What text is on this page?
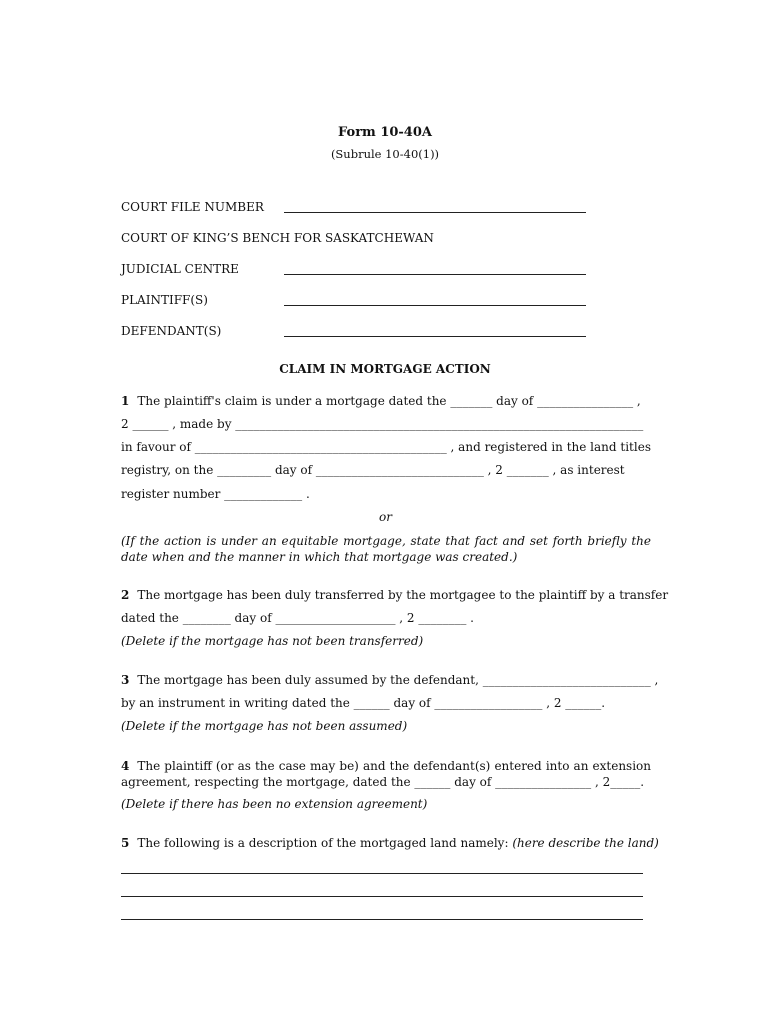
Form 10-40A
(Subrule 10-40(1))
COURT FILE NUMBER
COURT OF KING’S BENCH FOR SASKATCHEWAN
JUDICIAL CENTRE
PLAINTIFF(S)
DEFENDANT(S)
CLAIM IN MORTGAGE ACTION
1 The plaintiff's claim is under a mortgage dated the _______ day of ________________ ,
2 ______ , made by ____________________________________________________________________
in favour of __________________________________________ , and registered in the land titles
registry, on the _________ day of ____________________________ , 2 _______ , as interest
register number _____________ .
or
(If the action is under an equitable mortgage, state that fact and set forth briefly the date when and the manner in which that mortgage was created.)
2 The mortgage has been duly transferred by the mortgagee to the plaintiff by a transfer
dated the ________ day of ____________________ , 2 ________ .
(Delete if the mortgage has not been transferred)
3 The mortgage has been duly assumed by the defendant, ____________________________ ,
by an instrument in writing dated the ______ day of __________________ , 2 ______.
(Delete if the mortgage has not been assumed)
4 The plaintiff (or as the case may be) and the defendant(s) entered into an extension agreement, respecting the mortgage, dated the ______ day of ________________ , 2_____.
(Delete if there has been no extension agreement)
5 The following is a description of the mortgaged land namely: (here describe the land)
